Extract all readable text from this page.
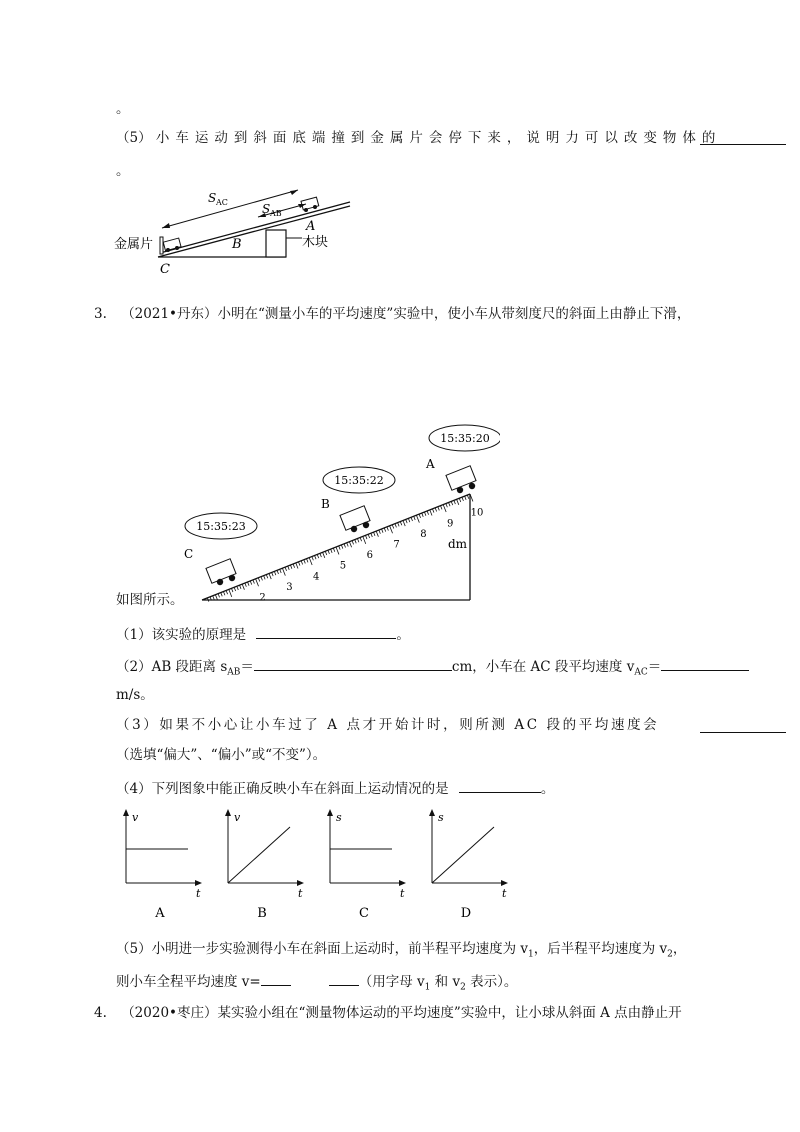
。
（5） 小车运动到斜面底端撞到金属片会停下来，说明力可以改变物体的
。
S AC	S AB
A
B
C
金属片	木块
3. （2021•丹东）小明在“测量小车的平均速度”实验中，使小车从带刻度尺的斜面上由静止下滑，
15:35:23
15:35:22
15:35:20
C
B
A
dm
2
3
4
5
6
7
8
9
10
如图所示。
（1）该实验的原理是	。
（2）AB 段距离 $s_{AB}=$	cm，小车在 AC 段平均速度 $v_{AC}=$
m/s。
（3）如果不小心让小车过了 A 点才开始计时，则所测 AC 段的平均速度会
（选填“偏大”、“偏小”或“不变”）。
（4）下列图象中能正确反映小车在斜面上运动情况的是	。
v
t
A
v
t
B
s
t
C
s
t
D
（5）小明进一步实验测得小车在斜面上运动时，前半程平均速度为 $v_1$，后半程平均速度为 $v_2$，
则小车全程平均速度 v=	（用字母 $v_1$ 和 $v_2$ 表示）。
4. （2020•枣庄）某实验小组在“测量物体运动的平均速度”实验中，让小球从斜面 A 点由静止开
